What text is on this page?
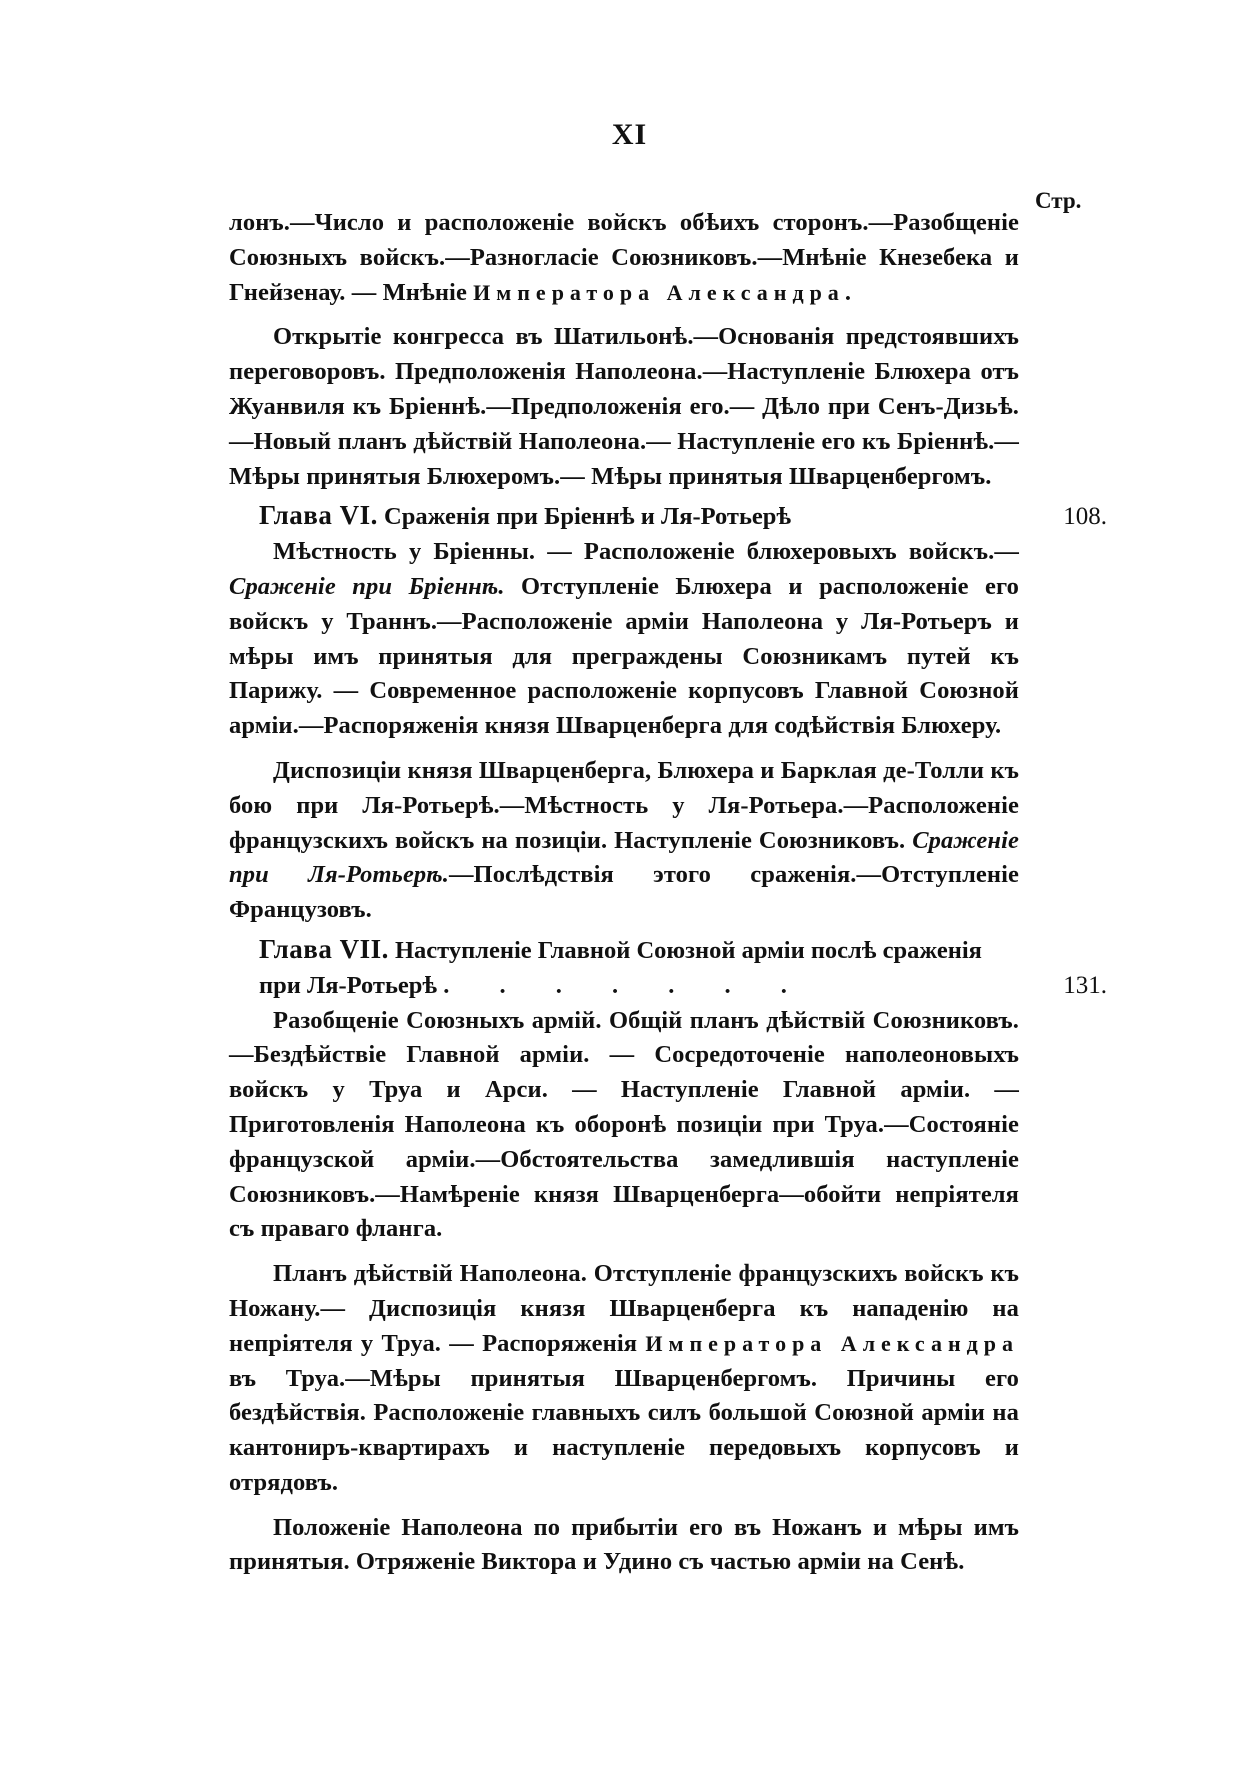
XI
Стр.

лонъ.—Число и расположеніе войскъ обѣихъ сторонъ.—Разобщеніе Союзныхъ войскъ.—Разногласіе Союзниковъ.—Мнѣніе Кнезебека и Гнейзенау. — Мнѣніе Императора Александра.

Открытіе конгресса въ Шатильонѣ.—Основанія предстоявшихъ переговоровъ. Предположенія Наполеона.—Наступленіе Блюхера отъ Жуанвиля къ Бріеннѣ.—Предположенія его.— Дѣло при Сенъ-Дизьѣ.—Новый планъ дѣйствій Наполеона.— Наступленіе его къ Бріеннѣ.—Мѣры принятыя Блюхеромъ.— Мѣры принятыя Шварценбергомъ.

Глава VI. Сраженія при Бріеннѣ и Ля-Ротьерѣ	108.

Мѣстность у Бріенны. — Расположеніе блюхеровыхъ войскъ.—Сраженіе при Бріеннѣ. Отступленіе Блюхера и расположеніе его войскъ у Траннъ.—Расположеніе арміи Наполеона у Ля-Ротьеръ и мѣры имъ принятыя для преграждены Союзникамъ путей къ Парижу. — Современное расположеніе корпусовъ Главной Союзной арміи.—Распоряженія князя Шварценберга для содѣйствія Блюхеру.

Диспозиціи князя Шварценберга, Блюхера и Барклая де-Толли къ бою при Ля-Ротьерѣ.—Мѣстность у Ля-Ротьера.—Расположеніе французскихъ войскъ на позиціи. Наступленіе Союзниковъ. Сраженіе при Ля-Ротьерѣ.—Послѣдствія этого сраженія.—Отступленіе Французовъ.

Глава VII. Наступленіе Главной Союзной арміи послѣ сраженія при Ля-Ротьерѣ . . . . . . .	131.

Разобщеніе Союзныхъ армій. Общій планъ дѣйствій Союзниковъ.—Бездѣйствіе Главной арміи. — Сосредоточеніе наполеоновыхъ войскъ у Труа и Арси. — Наступленіе Главной арміи. — Приготовленія Наполеона къ оборонѣ позиціи при Труа.—Состояніе французской арміи.—Обстоятельства замедлившія наступленіе Союзниковъ.—Намѣреніе князя Шварценберга—обойти непріятеля съ праваго фланга.

Планъ дѣйствій Наполеона. Отступленіе французскихъ войскъ къ Ножану.— Диспозиція князя Шварценберга къ нападенію на непріятеля у Труа. — Распоряженія Императора Александра въ Труа.—Мѣры принятыя Шварценбергомъ. Причины его бездѣйствія. Расположеніе главныхъ силъ большой Союзной арміи на кантониръ-квартирахъ и наступленіе передовыхъ корпусовъ и отрядовъ.

Положеніе Наполеона по прибытіи его въ Ножанъ и мѣры имъ принятыя. Отряженіе Виктора и Удино съ частью арміи на Сенѣ.
